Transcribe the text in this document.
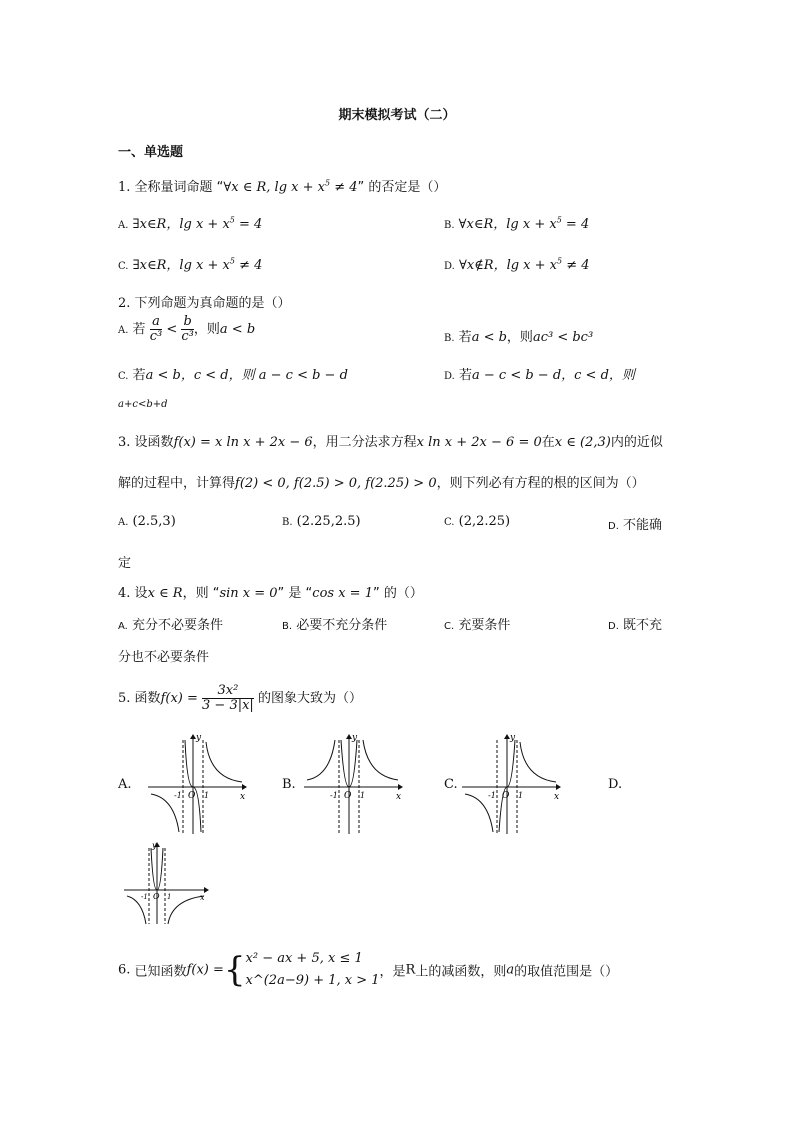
期末模拟考试（二）
一、单选题
1. 全称量词命题 “∀x ∈ R, $\lg x + x^5 \ne 4$” 的否定是（）
A. ∃x∈R，$\lg x + x^5 = 4$	B. ∀x∈R，$\lg x + x^5 = 4$
C. ∃x∈R，$\lg x + x^5 \ne 4$	D. ∀x∉R，$\lg x + x^5 \ne 4$
2. 下列命题为真命题的是（）
A. 若 $\frac{a}{\text{c³}} < \frac{b}{\text{c³}}$ ，则a < b
B. 若a < b，则ac³ < bc³
C. 若a < b，c < d，则 a − c < b − d	D. 若a − c < b − d，c < d，则
a+c<b+d
3. 设函数f(x) = x ln x + 2x − 6，用二分法求方程x ln x + 2x − 6 = 0在x ∈ (2,3)内的近似
解的过程中，计算得f(2) < 0, f(2.5) > 0, f(2.25) > 0，则下列必有方程的根的区间为（）
A. (2.5,3)	B. (2.25,2.5)	C. (2,2.25)	D. 不能确
定
4. 设x ∈ R，则 “sin x = 0” 是 “cos x = 1” 的（）
A. 充分不必要条件	B. 必要不充分条件	C. 充要条件	D. 既不充
分也不必要条件
5. 函数$f(x) = \frac{\text{3x²}}{3 - 3|x|}$ 的图象大致为（）
A.	B.	C.	D.
y
x
O
-1	1
y
x
O
-1	1
y
x
O
-1	1
y
x
O
-1	1
6. 已知函数f(x) ={ x² − ax + 5, x ≤ 1
x^(2a−9) + 1, x > 1
，是R上的减函数，则a的取值范围是（）
